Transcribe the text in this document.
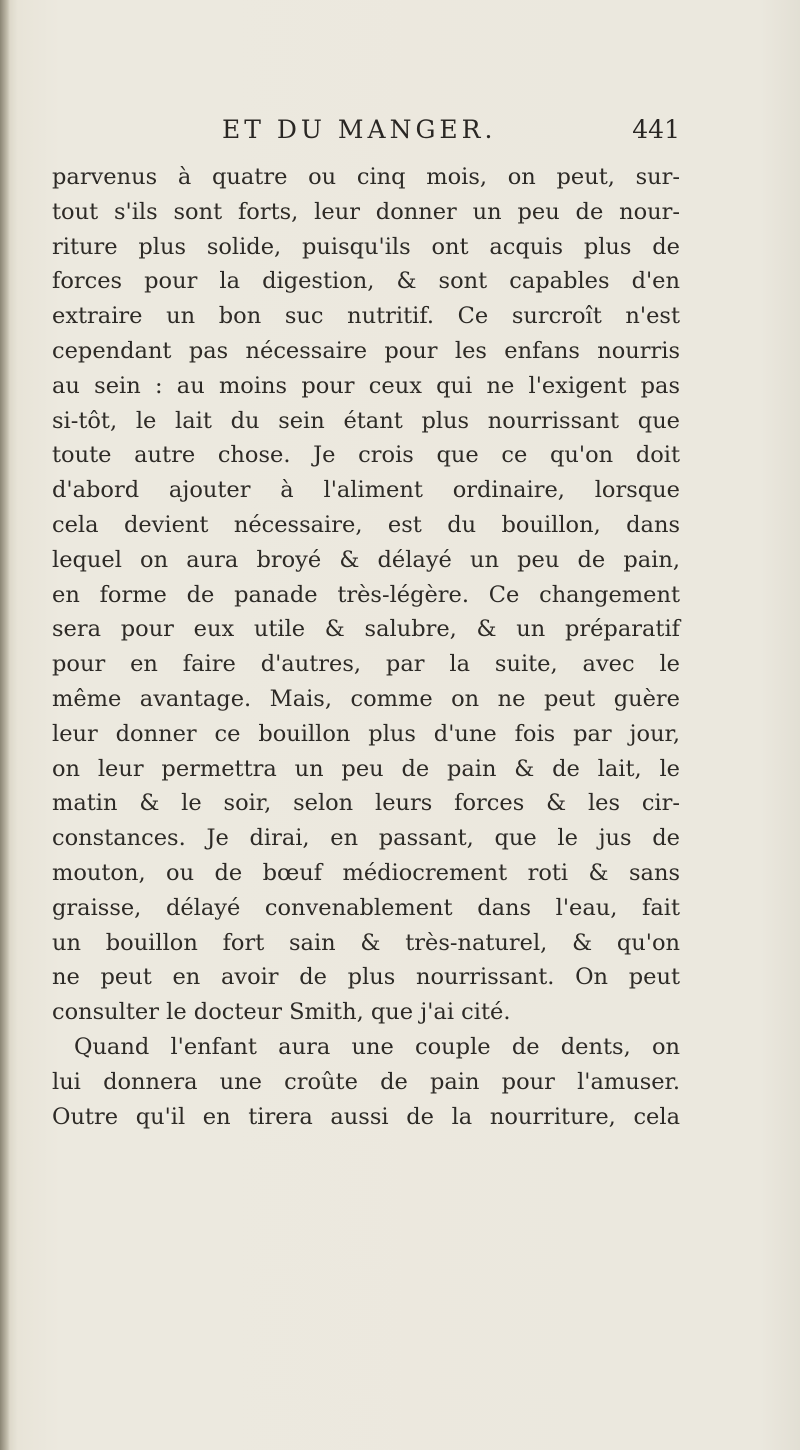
ET DU MANGER.	441
parvenus à quatre ou cinq mois, on peut, sur-
tout s'ils sont forts, leur donner un peu de nour-
riture plus solide, puisqu'ils ont acquis plus de
forces pour la digestion, & sont capables d'en
extraire un bon suc nutritif. Ce surcroît n'est
cependant pas nécessaire pour les enfans nourris
au sein : au moins pour ceux qui ne l'exigent pas
si-tôt, le lait du sein étant plus nourrissant que
toute autre chose. Je crois que ce qu'on doit
d'abord ajouter à l'aliment ordinaire, lorsque
cela devient nécessaire, est du bouillon, dans
lequel on aura broyé & délayé un peu de pain,
en forme de panade très-légère. Ce changement
sera pour eux utile & salubre, & un préparatif
pour en faire d'autres, par la suite, avec le
même avantage. Mais, comme on ne peut guère
leur donner ce bouillon plus d'une fois par jour,
on leur permettra un peu de pain & de lait, le
matin & le soir, selon leurs forces & les cir-
constances. Je dirai, en passant, que le jus de
mouton, ou de bœuf médiocrement roti & sans
graisse, délayé convenablement dans l'eau, fait
un bouillon fort sain & très-naturel, & qu'on
ne peut en avoir de plus nourrissant. On peut
consulter le docteur Smith, que j'ai cité.
Quand l'enfant aura une couple de dents, on
lui donnera une croûte de pain pour l'amuser.
Outre qu'il en tirera aussi de la nourriture, cela
